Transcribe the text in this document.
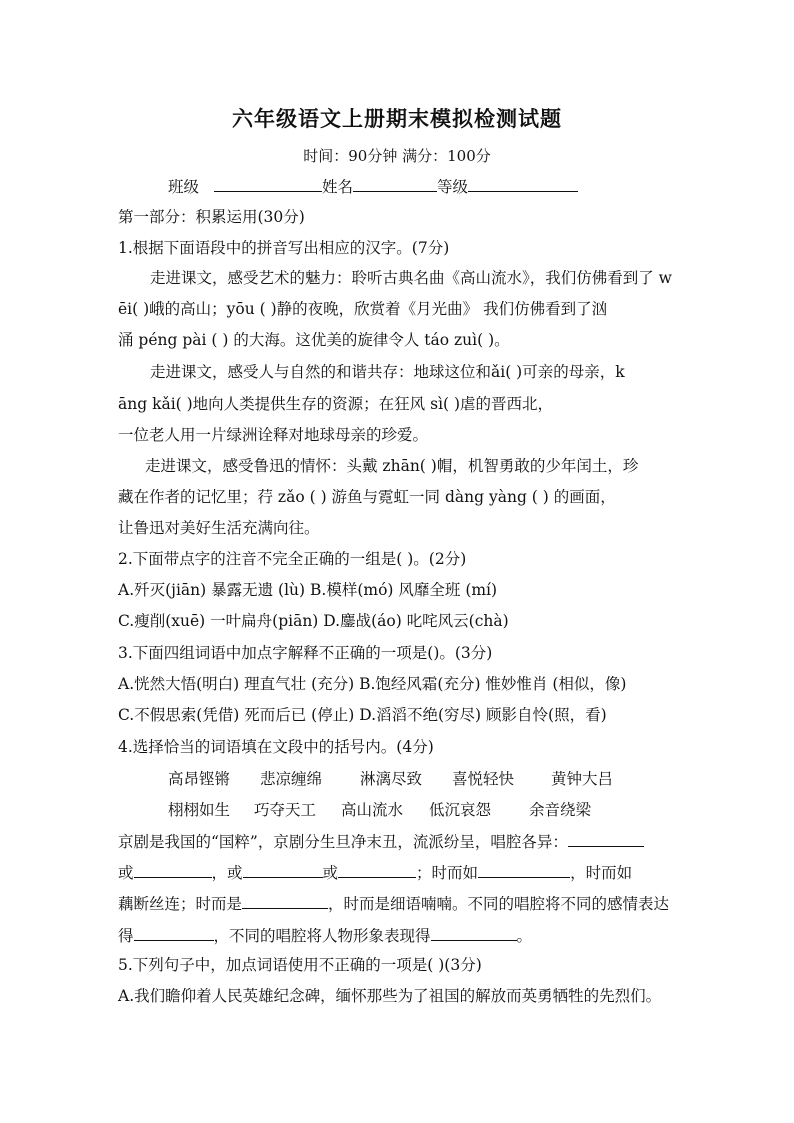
六年级语文上册期末模拟检测试题
时间：90分钟 满分：100分
班级	姓名	等级
第一部分：积累运用(30分)
1.根据下面语段中的拼音写出相应的汉字。(7分)
走进课文，感受艺术的魅力：聆听古典名曲《高山流水》，我们仿佛看到了 w
ēi( )峨的高山；yōu ( )静的夜晚，欣赏着《月光曲》 我们仿佛看到了汹
涌 péng pài ( ) 的大海。这优美的旋律令人 táo zuì( )。
走进课文，感受人与自然的和谐共存：地球这位和ǎi( )可亲的母亲，k
āng kǎi( )地向人类提供生存的资源；在狂风 sì( )虐的晋西北，
一位老人用一片绿洲诠释对地球母亲的珍爱。
走进课文，感受鲁迅的情怀：头戴 zhān( )帽，机智勇敢的少年闰土，珍
藏在作者的记忆里；荇 zǎo ( ) 游鱼与霓虹一同 dàng yàng ( ) 的画面，
让鲁迅对美好生活充满向往。
2.下面带点字的注音不完全正确的一组是( )。(2分)
A.歼灭(jiān) 暴露无遗 (lù) B.模样(mó) 风靡全班 (mí)
C.瘦削(xuē) 一叶扁舟(piān) D.鏖战(áo) 叱咤风云(chà)
3.下面四组词语中加点字解释不正确的一项是()。(3分)
A.恍然大悟(明白) 理直气壮 (充分) B.饱经风霜(充分) 惟妙惟肖 (相似，像)
C.不假思索(凭借) 死而后已 (停止) D.滔滔不绝(穷尽) 顾影自怜(照，看)
4.选择恰当的词语填在文段中的括号内。(4分)
高昂铿锵 悲凉缠绵 淋漓尽致 喜悦轻快 黄钟大吕
栩栩如生 巧夺天工 高山流水 低沉哀怨 余音绕梁
京剧是我国的“国粹”，京剧分生旦净末丑，流派纷呈，唱腔各异：
或	，或	或	；时而如	，时而如
藕断丝连；时而是	，时而是细语喃喃。不同的唱腔将不同的感情表达
得	，不同的唱腔将人物形象表现得	。
5.下列句子中，加点词语使用不正确的一项是( )(3分)
A.我们瞻仰着人民英雄纪念碑，缅怀那些为了祖国的解放而英勇牺牲的先烈们。
